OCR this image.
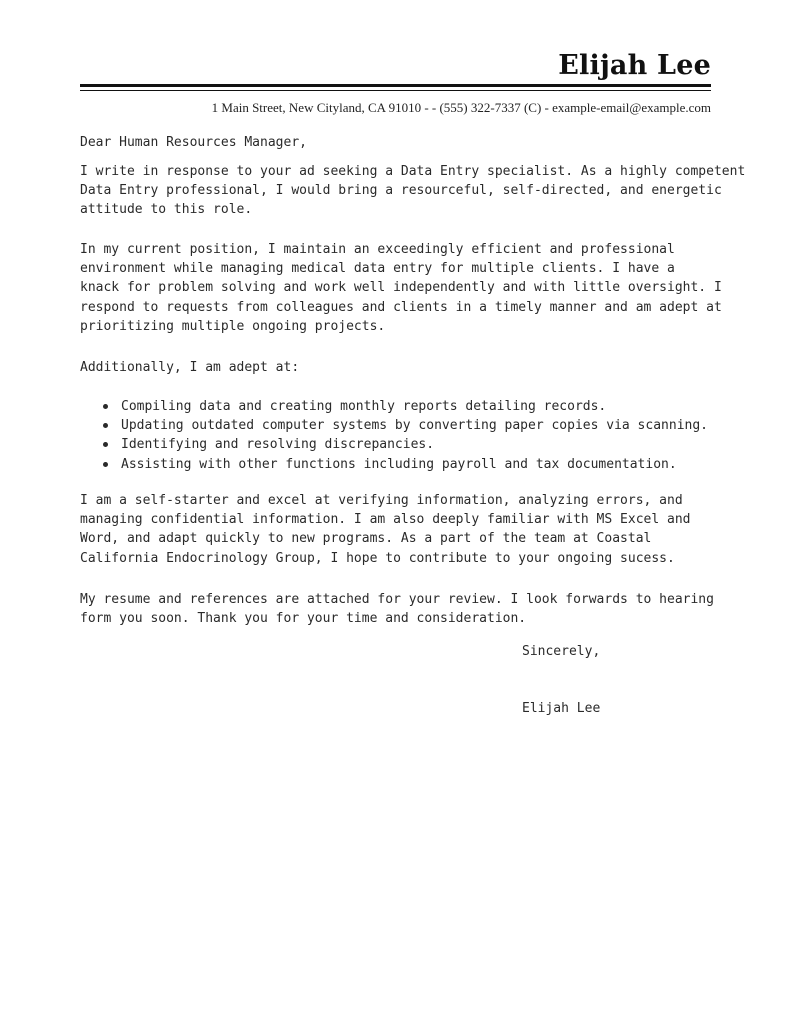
Elijah Lee
1 Main Street, New Cityland, CA 91010 - - (555) 322-7337 (C) - example-email@example.com

Dear Human Resources Manager,

I write in response to your ad seeking a Data Entry specialist. As a highly competent

Data Entry professional, I would bring a resourceful, self-directed, and energetic

attitude to this role.

In my current position, I maintain an exceedingly efficient and professional

environment while managing medical data entry for multiple clients. I have a

knack for problem solving and work well independently and with little oversight. I

respond to requests from colleagues and clients in a timely manner and am adept at

prioritizing multiple ongoing projects.

Additionally, I am adept at:

Compiling data and creating monthly reports detailing records.
Updating outdated computer systems by converting paper copies via scanning.
Identifying and resolving discrepancies.
Assisting with other functions including payroll and tax documentation.

I am a self-starter and excel at verifying information, analyzing errors, and

managing confidential information. I am also deeply familiar with MS Excel and

Word, and adapt quickly to new programs. As a part of the team at Coastal

California Endocrinology Group, I hope to contribute to your ongoing sucess.

My resume and references are attached for your review. I look forwards to hearing

form you soon. Thank you for your time and consideration.

Sincerely,
Elijah Lee
